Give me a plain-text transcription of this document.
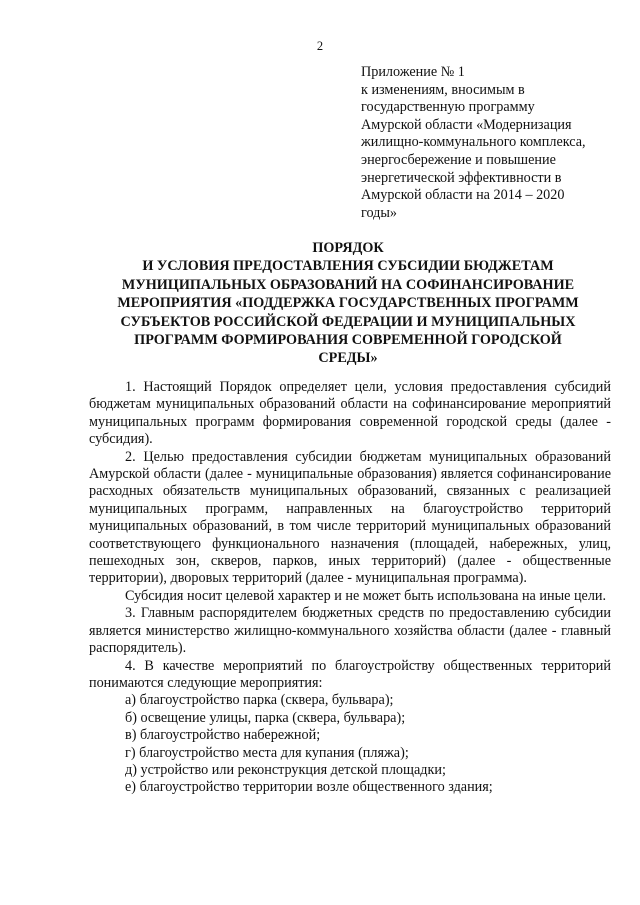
2
Приложение № 1
к изменениям, вносимым в
государственную программу
Амурской области «Модернизация
жилищно-коммунального комплекса,
энергосбережение и повышение
энергетической эффективности в
Амурской области на 2014 – 2020
годы»
ПОРЯДОК
И УСЛОВИЯ ПРЕДОСТАВЛЕНИЯ СУБСИДИИ БЮДЖЕТАМ
МУНИЦИПАЛЬНЫХ ОБРАЗОВАНИЙ НА СОФИНАНСИРОВАНИЕ
МЕРОПРИЯТИЯ «ПОДДЕРЖКА ГОСУДАРСТВЕННЫХ ПРОГРАММ
СУБЪЕКТОВ РОССИЙСКОЙ ФЕДЕРАЦИИ И МУНИЦИПАЛЬНЫХ
ПРОГРАММ ФОРМИРОВАНИЯ СОВРЕМЕННОЙ ГОРОДСКОЙ
СРЕДЫ»

1. Настоящий Порядок определяет цели, условия предоставления субсидий бюджетам муниципальных образований области на софинансирование мероприятий муниципальных программ формирования современной городской среды (далее - субсидия).

2. Целью предоставления субсидии бюджетам муниципальных образований Амурской области (далее - муниципальные образования) является софинансирование расходных обязательств муниципальных образований, связанных с реализацией муниципальных программ, направленных на благоустройство территорий муниципальных образований, в том числе территорий муниципальных образований соответствующего функционального назначения (площадей, набережных, улиц, пешеходных зон, скверов, парков, иных территорий) (далее - общественные территории), дворовых территорий (далее - муниципальная программа).

Субсидия носит целевой характер и не может быть использована на иные цели.

3. Главным распорядителем бюджетных средств по предоставлению субсидии является министерство жилищно-коммунального хозяйства области (далее - главный распорядитель).

4. В качестве мероприятий по благоустройству общественных территорий понимаются следующие мероприятия:

а) благоустройство парка (сквера, бульвара);
б) освещение улицы, парка (сквера, бульвара);
в) благоустройство набережной;
г) благоустройство места для купания (пляжа);
д) устройство или реконструкция детской площадки;
е) благоустройство территории возле общественного здания;
